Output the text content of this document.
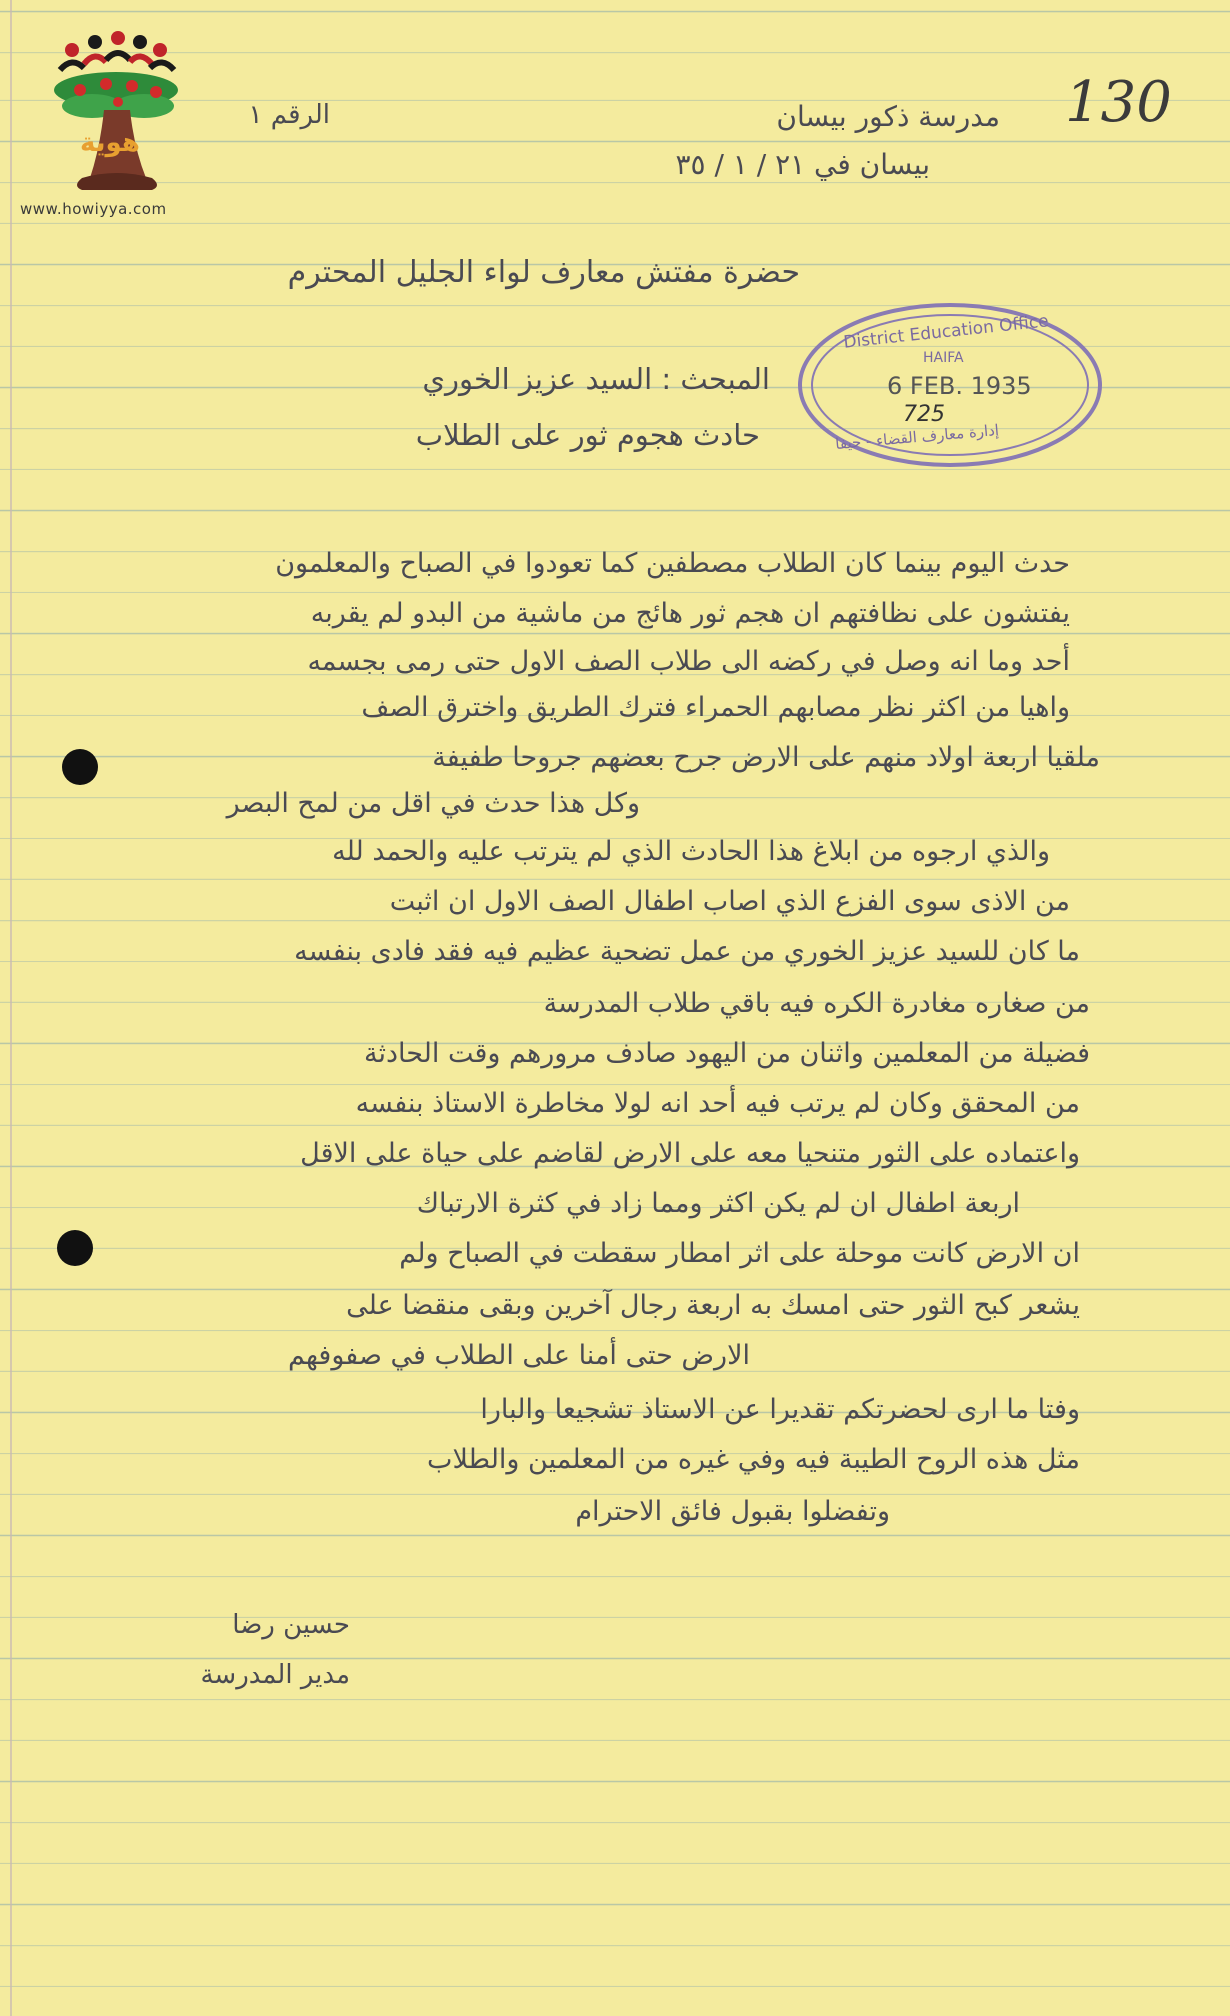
هوية
www.howiyya.com
130
مدرسة ذكور بيسان
بيسان في ٢١ / ١ / ٣٥
الرقم ١
حضرة مفتش معارف لواء الجليل المحترم
District Education Office
HAIFA
6 FEB. 1935
725
إدارة معارف القضاء - حيفا
المبحث : السيد عزيز الخوري
حادث هجوم ثور على الطلاب
حدث اليوم بينما كان الطلاب مصطفين كما تعودوا في الصباح والمعلمون
يفتشون على نظافتهم ان هجم ثور هائج من ماشية من البدو لم يقربه
أحد وما انه وصل في ركضه الى طلاب الصف الاول حتى رمى بجسمه
واهيا من اكثر نظر مصابهم الحمراء فترك الطريق واخترق الصف
ملقيا اربعة اولاد منهم على الارض جرح بعضهم جروحا طفيفة
وكل هذا حدث في اقل من لمح البصر
والذي ارجوه من ابلاغ هذا الحادث الذي لم يترتب عليه والحمد لله
من الاذى سوى الفزع الذي اصاب اطفال الصف الاول ان اثبت
ما كان للسيد عزيز الخوري من عمل تضحية عظيم فيه فقد فادى بنفسه
من صغاره مغادرة الكره فيه باقي طلاب المدرسة
فضيلة من المعلمين واثنان من اليهود صادف مرورهم وقت الحادثة
من المحقق وكان لم يرتب فيه أحد انه لولا مخاطرة الاستاذ بنفسه
واعتماده على الثور متنحيا معه على الارض لقاضم على حياة على الاقل
اربعة اطفال ان لم يكن اكثر ومما زاد في كثرة الارتباك
ان الارض كانت موحلة على اثر امطار سقطت في الصباح ولم
يشعر كبح الثور حتى امسك به اربعة رجال آخرين وبقى منقضا على
الارض حتى أمنا على الطلاب في صفوفهم
وفتا ما ارى لحضرتكم تقديرا عن الاستاذ تشجيعا والبارا
مثل هذه الروح الطيبة فيه وفي غيره من المعلمين والطلاب
وتفضلوا بقبول فائق الاحترام
حسين رضا
مدير المدرسة
